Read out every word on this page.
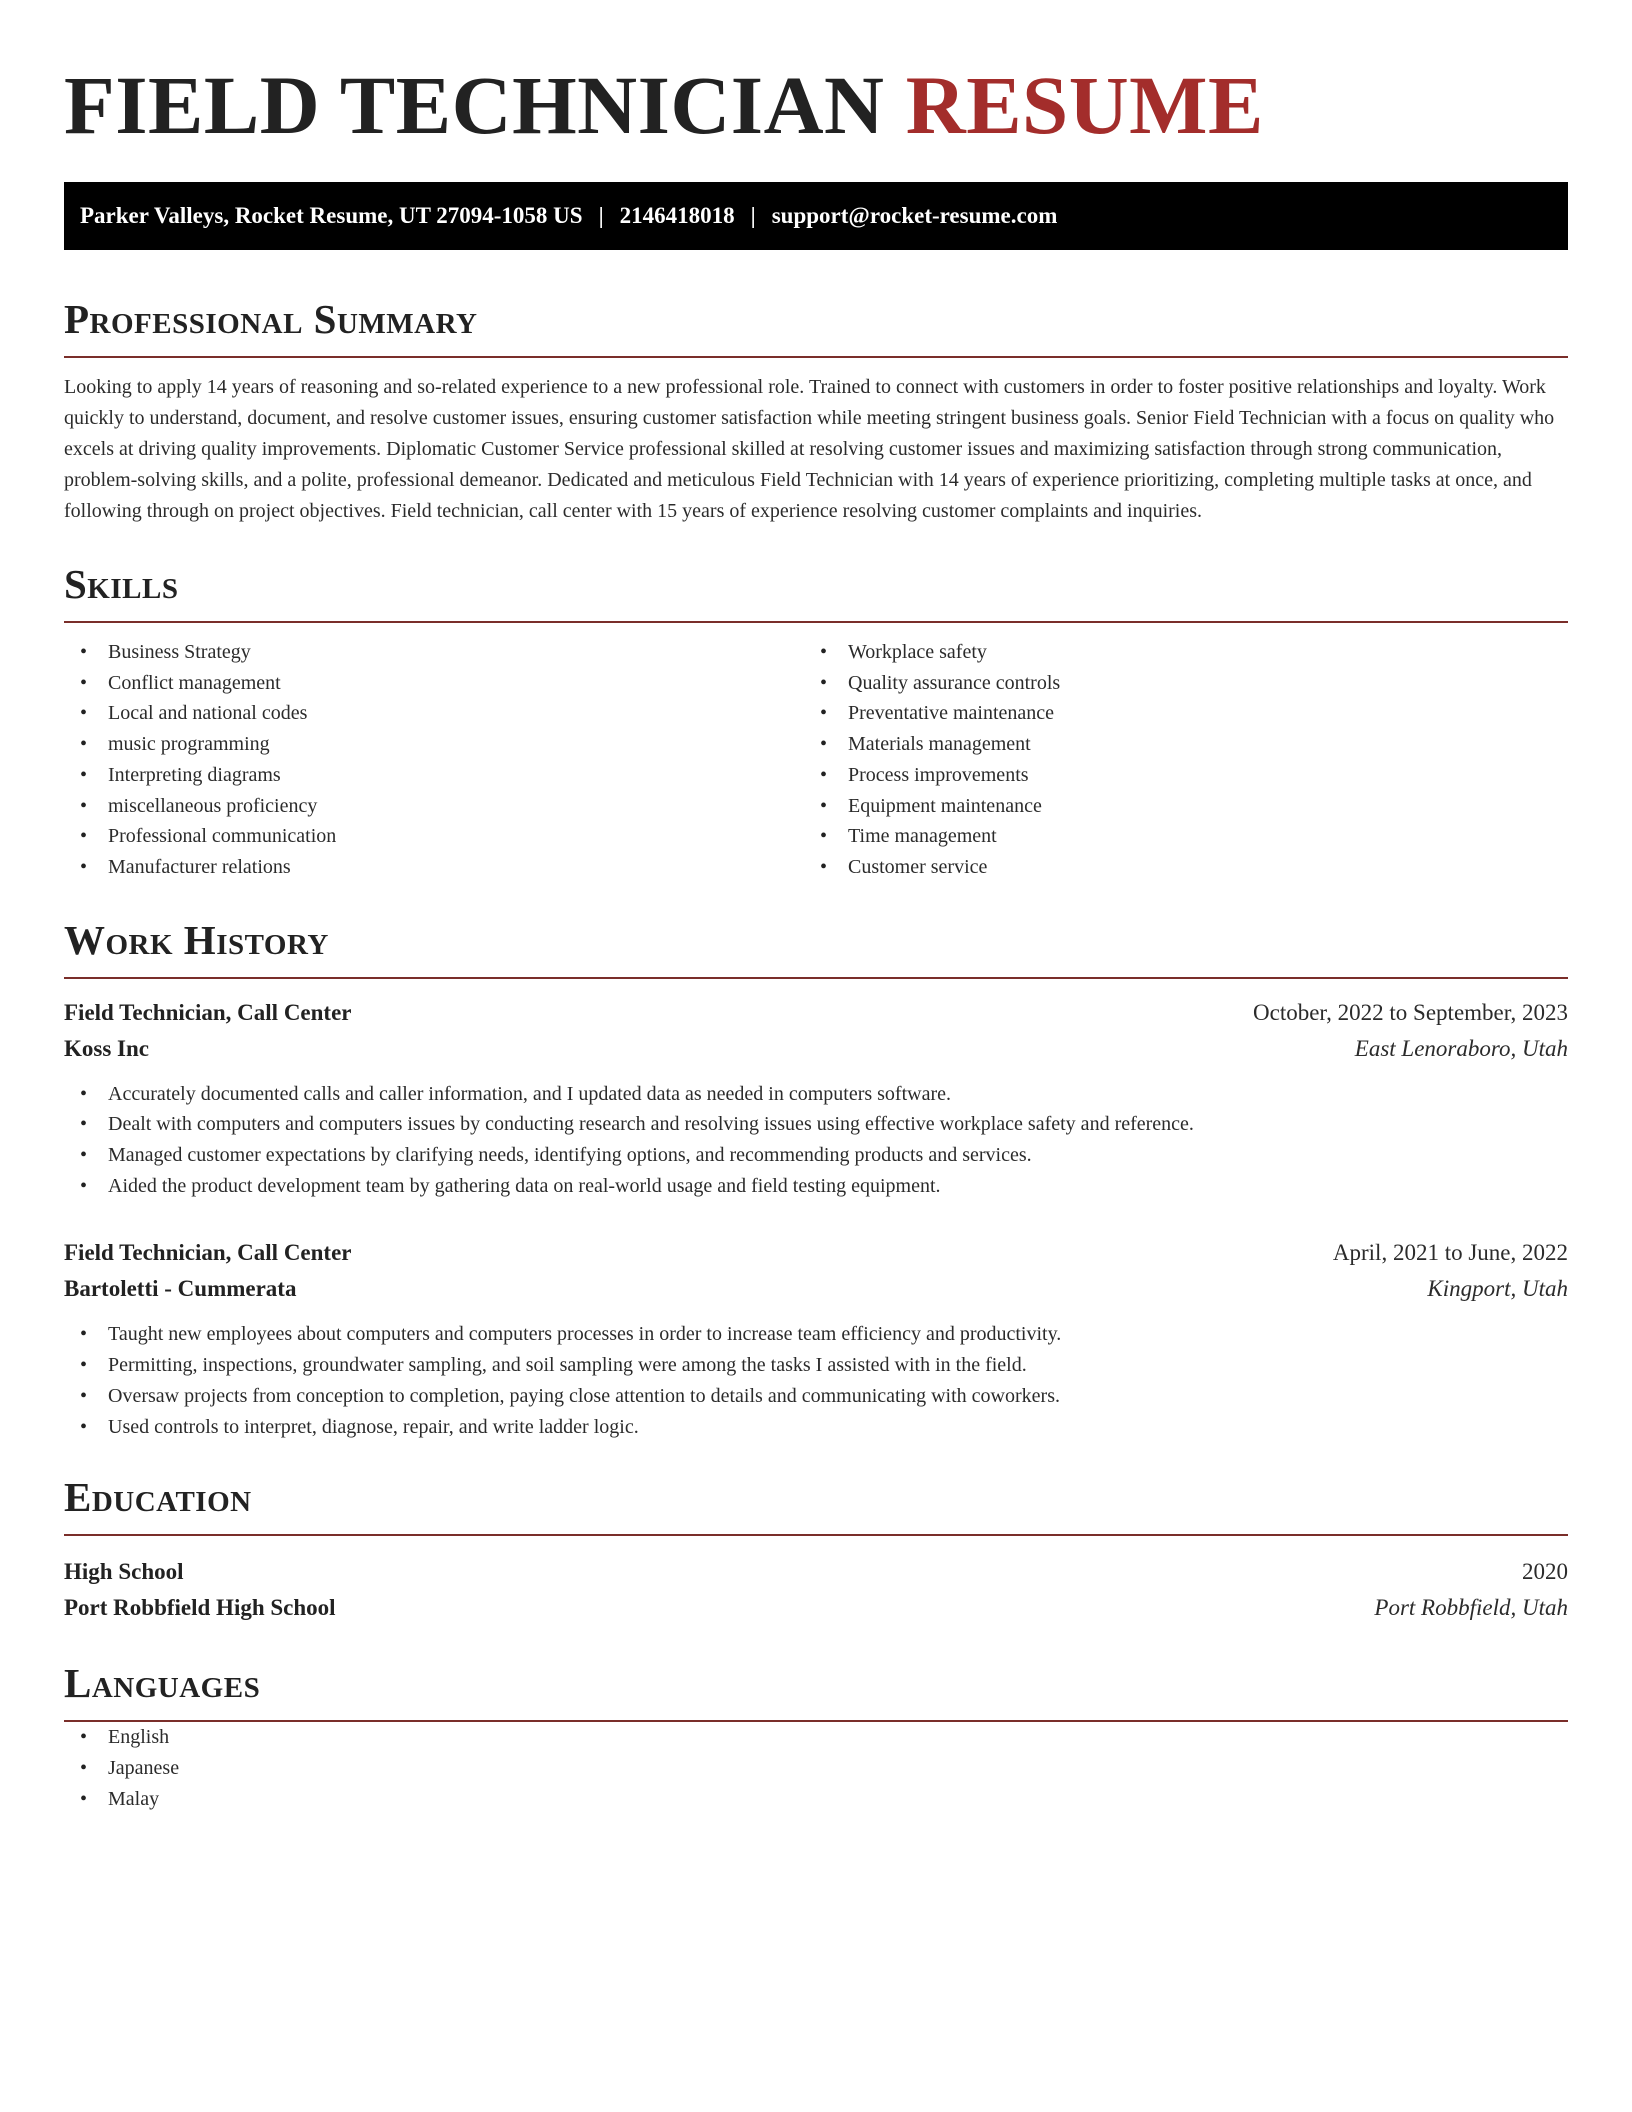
FIELD TECHNICIAN RESUME
Parker Valleys, Rocket Resume, UT 27094-1058 US | 2146418018 | support@rocket-resume.com
Professional Summary

Looking to apply 14 years of reasoning and so-related experience to a new professional role. Trained to connect with customers in order to foster positive relationships and loyalty. Work quickly to understand, document, and resolve customer issues, ensuring customer satisfaction while meeting stringent business goals. Senior Field Technician with a focus on quality who excels at driving quality improvements. Diplomatic Customer Service professional skilled at resolving customer issues and maximizing satisfaction through strong communication, problem-solving skills, and a polite, professional demeanor. Dedicated and meticulous Field Technician with 14 years of experience prioritizing, completing multiple tasks at once, and following through on project objectives. Field technician, call center with 15 years of experience resolving customer complaints and inquiries.

Skills
• Business Strategy
• Conflict management
• Local and national codes
• music programming
• Interpreting diagrams
• miscellaneous proficiency
• Professional communication
• Manufacturer relations
• Workplace safety
• Quality assurance controls
• Preventative maintenance
• Materials management
• Process improvements
• Equipment maintenance
• Time management
• Customer service
Work History
Field Technician, Call Center	October, 2022 to September, 2023
Koss Inc	East Lenoraboro, Utah
• Accurately documented calls and caller information, and I updated data as needed in computers software.
• Dealt with computers and computers issues by conducting research and resolving issues using effective workplace safety and reference.
• Managed customer expectations by clarifying needs, identifying options, and recommending products and services.
• Aided the product development team by gathering data on real-world usage and field testing equipment.
Field Technician, Call Center	April, 2021 to June, 2022
Bartoletti - Cummerata	Kingport, Utah
• Taught new employees about computers and computers processes in order to increase team efficiency and productivity.
• Permitting, inspections, groundwater sampling, and soil sampling were among the tasks I assisted with in the field.
• Oversaw projects from conception to completion, paying close attention to details and communicating with coworkers.
• Used controls to interpret, diagnose, repair, and write ladder logic.
Education
High School	2020
Port Robbfield High School	Port Robbfield, Utah
Languages
• English
• Japanese
• Malay
